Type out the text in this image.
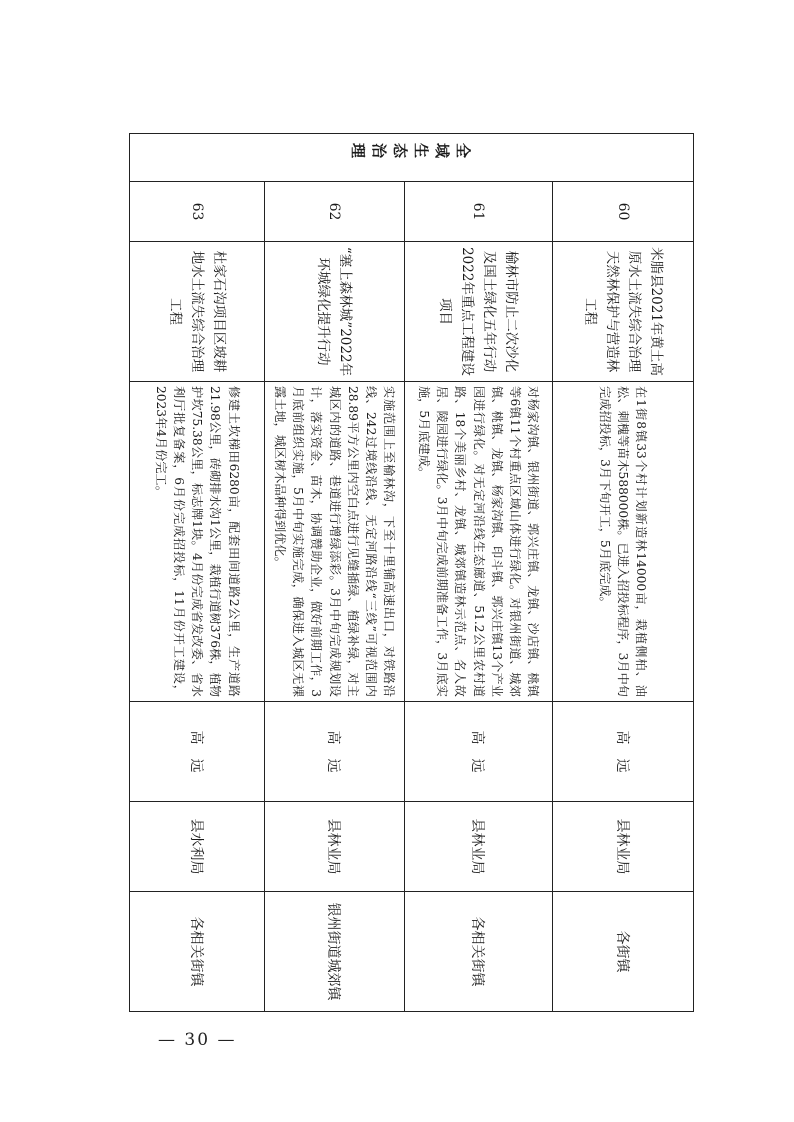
全域生态治理	60	米脂县2021年黄土高原水土流失综合治理天然林保护与营造林工程	在1街8镇33个村计划新造林14000亩，栽植侧柏、油松、刺槐等苗木588000株。已进入招投标程序，3月中旬完成招投标，3月下旬开工，5月底完成。	高　远	县林业局	各街镇
	61	榆林市防止二次沙化及国土绿化五年行动2022年重点工程建设项目	对杨家沟镇、银州街道、郭兴庄镇、龙镇、沙店镇、桃镇等6镇11个村重点区域山体进行绿化。对银州街道、城郊镇、桃镇、龙镇、杨家沟镇、印斗镇、郭兴庄镇13个产业园进行绿化。对无定河沿线生态廊道、51.2公里农村道路、18个美丽乡村、龙镇、城郊镇造林示范点、名人故居、陵园进行绿化。3月中旬完成前期准备工作，3月底实施，5月底建成。	高　远	县林业局	各相关街镇
	62	“塞上森林城”2022年环城绿化提升行动	实施范围上至榆林沟，下至十里铺高速出口，对铁路沿线、242过境线沿线、无定河路沿线“三线”可视范围内28.89平方公里内空白点进行见缝插绿、植绿补绿，对主城区内的道路、巷道进行增绿添彩。3月中旬完成规划设计，落实资金、苗木，协调赞助企业，做好前期工作，3月底前组织实施，5月中旬实施完成，确保进入城区无裸露土地，城区树木品种得到优化。	高　远	县林业局	银州街道城郊镇
	63	杜家石沟项目区坡耕地水土流失综合治理工程	修建土坎梯田6280亩，配套田间道路2公里，生产道路21.98公里，砖砌排水沟1公里，栽植行道树376株，植物护坎75.38公里，标志牌1块。4月份完成省发改委、省水利厅批复备案，6月份完成招投标，11月份开工建设，2023年4月份完工。	高　远	县水利局	各相关街镇
— 30 —
